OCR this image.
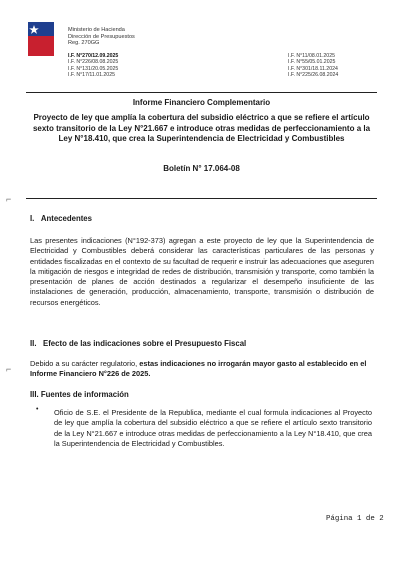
Ministerio de Hacienda
Dirección de Presupuestos
Reg. 270GG
I.F. N°270/12.09.2025
I.F. N°226/08.08.2025
I.F. N°131/20.05.2025
I.F. N°17/11.01.2025
I.F. N°11/08.01.2025
I.F. N°55/05.01.2025
I.F. N°301/18.11.2024
I.F. N°225/26.08.2024
Informe Financiero Complementario
Proyecto de ley que amplía la cobertura del subsidio eléctrico a que se refiere el artículo sexto transitorio de la Ley N°21.667 e introduce otras medidas de perfeccionamiento a la Ley N°18.410, que crea la Superintendencia de Electricidad y Combustibles
Boletín N° 17.064-08
⌐
I. Antecedentes
Las presentes indicaciones (N°192-373) agregan a este proyecto de ley que la Superintendencia de Electricidad y Combustibles deberá considerar las características particulares de las personas y entidades fiscalizadas en el contexto de su facultad de requerir e instruir las adecuaciones que aseguren la mitigación de riesgos e integridad de redes de distribución, transmisión y transporte, como también la presentación de planes de acción destinados a regularizar el desempeño insuficiente de las instalaciones de generación, producción, almacenamiento, transporte, transmisión o distribución de recursos energéticos.
II. Efecto de las indicaciones sobre el Presupuesto Fiscal
Debido a su carácter regulatorio, estas indicaciones no irrogarán mayor gasto al establecido en el Informe Financiero N°226 de 2025.
⌐
III. Fuentes de información
• Oficio de S.E. el Presidente de la Republica, mediante el cual formula indicaciones al Proyecto de ley que amplía la cobertura del subsidio eléctrico a que se refiere el artículo sexto transitorio de la Ley N°21.667 e introduce otras medidas de perfeccionamiento a la Ley N°18.410, que crea la Superintendencia de Electricidad y Combustibles.
Página 1 de 2
